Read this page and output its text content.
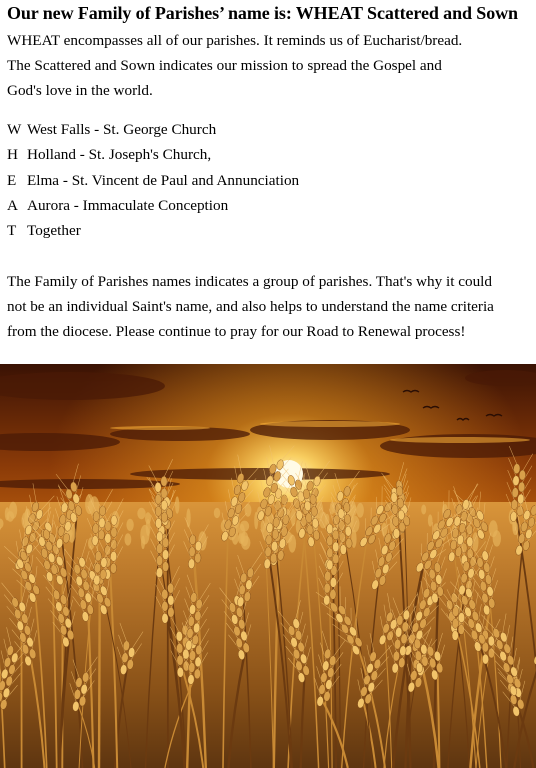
Our new Family of Parishes’ name is: WHEAT Scattered and Sown
WHEAT encompasses all of our parishes. It reminds us of Eucharist/bread.
The Scattered and Sown indicates our mission to spread the Gospel and
God's love in the world.
W West Falls - St. George Church
H Holland - St. Joseph's Church,
E Elma - St. Vincent de Paul and Annunciation
A Aurora - Immaculate Conception
T Together
The Family of Parishes names indicates a group of parishes. That's why it could
not be an individual Saint's name, and also helps to understand the name criteria
from the diocese. Please continue to pray for our Road to Renewal process!
